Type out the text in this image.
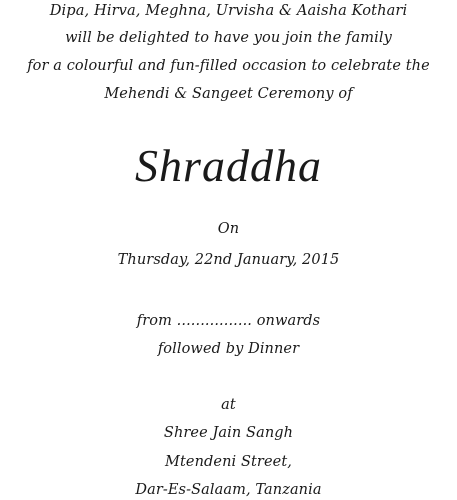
Dipa, Hirva, Meghna, Urvisha & Aaisha Kothari
will be delighted to have you join the family
for a colourful and fun-filled occasion to celebrate the
Mehendi & Sangeet Ceremony of
Shraddha
On
Thursday, 22nd January, 2015
from ................ onwards
followed by Dinner
at
Shree Jain Sangh
Mtendeni Street,
Dar-Es-Salaam, Tanzania
